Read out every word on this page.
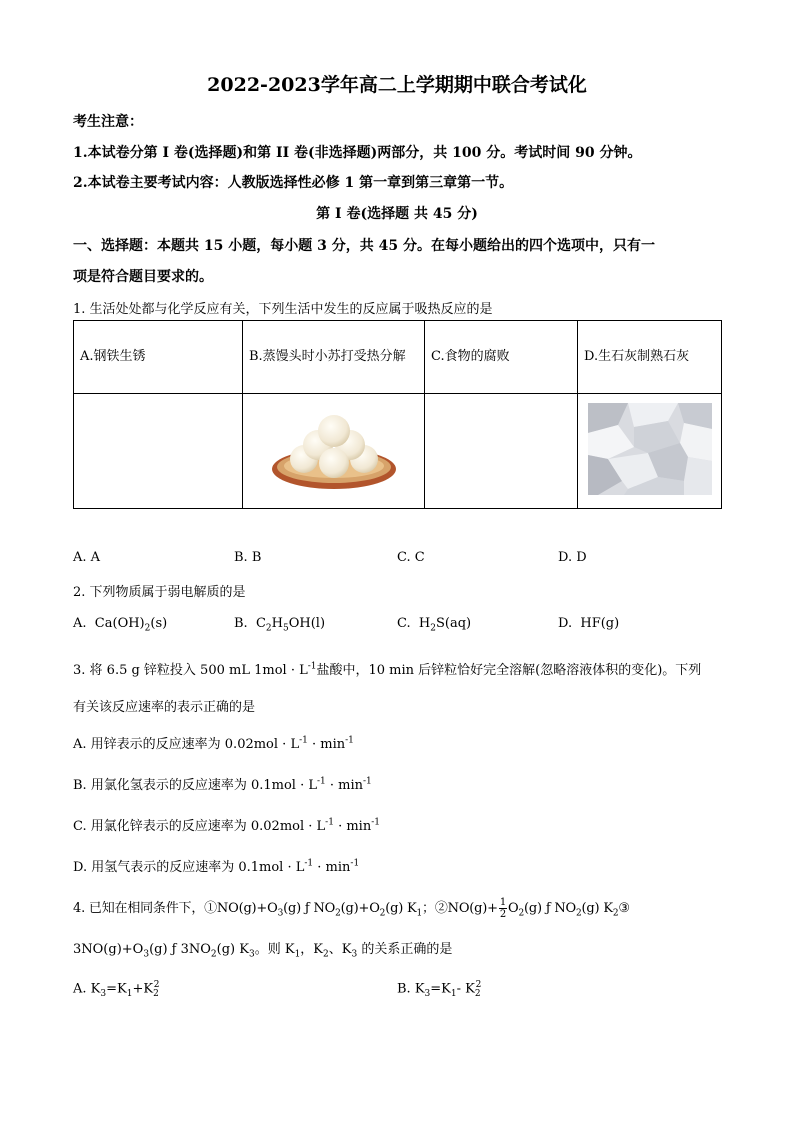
2022-2023学年高二上学期期中联合考试化
考生注意：
1.本试卷分第 I 卷(选择题)和第 II 卷(非选择题)两部分，共 100 分。考试时间 90 分钟。
2.本试卷主要考试内容：人教版选择性必修 1 第一章到第三章第一节。
第 I 卷(选择题 共 45 分)
一、选择题：本题共 15 小题，每小题 3 分，共 45 分。在每小题给出的四个选项中，只有一
项是符合题目要求的。
1. 生活处处都与化学反应有关，下列生活中发生的反应属于吸热反应的是
A.钢铁生锈	B.蒸馒头时小苏打受热分解	C.食物的腐败	D.生石灰制熟石灰

A. A	B. B	C. C	D. D
2. 下列物质属于弱电解质的是
A. $Ca(OH)_2(s)$	B. $C_2H_5OH(l)$	C. $H_2S(aq)$	D. HF(g)
3. 将 6.5 g 锌粒投入 500 mL $1mol \cdot L^{-1}$盐酸中，10 min 后锌粒恰好完全溶解(忽略溶液体积的变化)。下列
有关该反应速率的表示正确的是
A. 用锌表示的反应速率为 $0.02mol \cdot L^{-1} \cdot \min^{-1}$
B. 用氯化氢表示的反应速率为 $0.1mol \cdot L^{-1} \cdot \min^{-1}$
C. 用氯化锌表示的反应速率为 $0.02mol \cdot L^{-1} \cdot \min^{-1}$
D. 用氢气表示的反应速率为 $0.1mol \cdot L^{-1} \cdot \min^{-1}$
4. 已知在相同条件下，$①NO(g)+O_3(g)$ ƒ $NO_2(g)+O_2(g)$ $K_1$；②NO(g)+ $\frac{1}{2} O_2(g)$ ƒ $NO_2(g)$ $K_2③$
$3NO(g)+O_3(g)$ ƒ $3NO_2(g)$ $K_3$。则 $K_1$，$K_2$、$K_3$ 的关系正确的是
A. $K_3=K_1+K_2^2$	B. $K_3=K_1-$ $K_2^2$
